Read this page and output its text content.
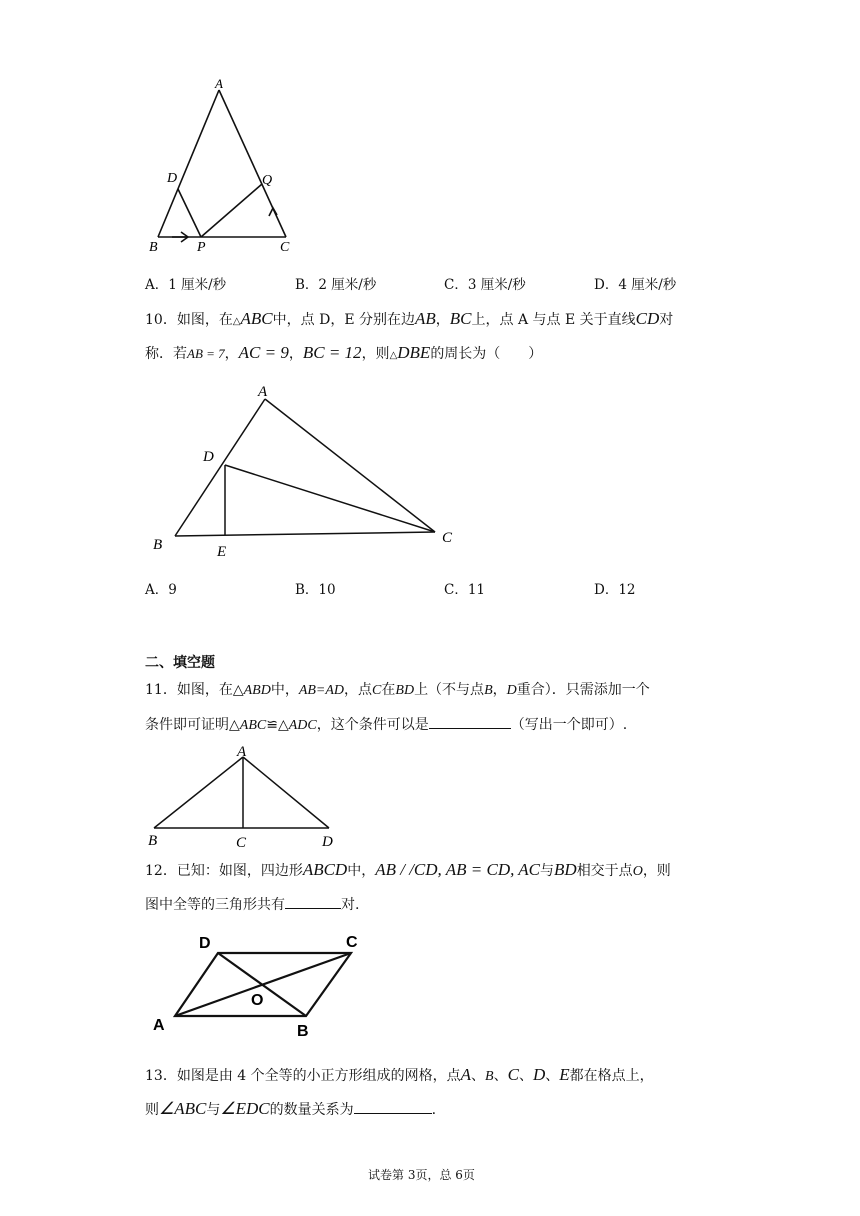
A
D	Q
B	P	C
A．1 厘米/秒	B．2 厘米/秒	C．3 厘米/秒	D．4 厘米/秒
10．如图，在△ABC中，点 D，E 分别在边AB，BC上，点 A 与点 E 关于直线CD对
称．若AB = 7，AC = 9，BC = 12，则△DBE的周长为（　　）
A
D
B	E
C
A．9	B．10	C．11	D．12
二、填空题
11．如图，在△ABD中，AB=AD，点C在BD上（不与点B，D重合）．只需添加一个
条件即可证明△ABC≌△ADC，这个条件可以是	（写出一个即可）.
A
B	C	D
12．已知：如图，四边形ABCD中，AB / /CD, AB = CD, AC与BD相交于点O，则
图中全等的三角形共有	对.
D	C
O
A	B
13．如图是由 4 个全等的小正方形组成的网格，点A、B、C、D、E都在格点上，
则∠ABC与∠EDC的数量关系为	.
试卷第 3页，总 6页
